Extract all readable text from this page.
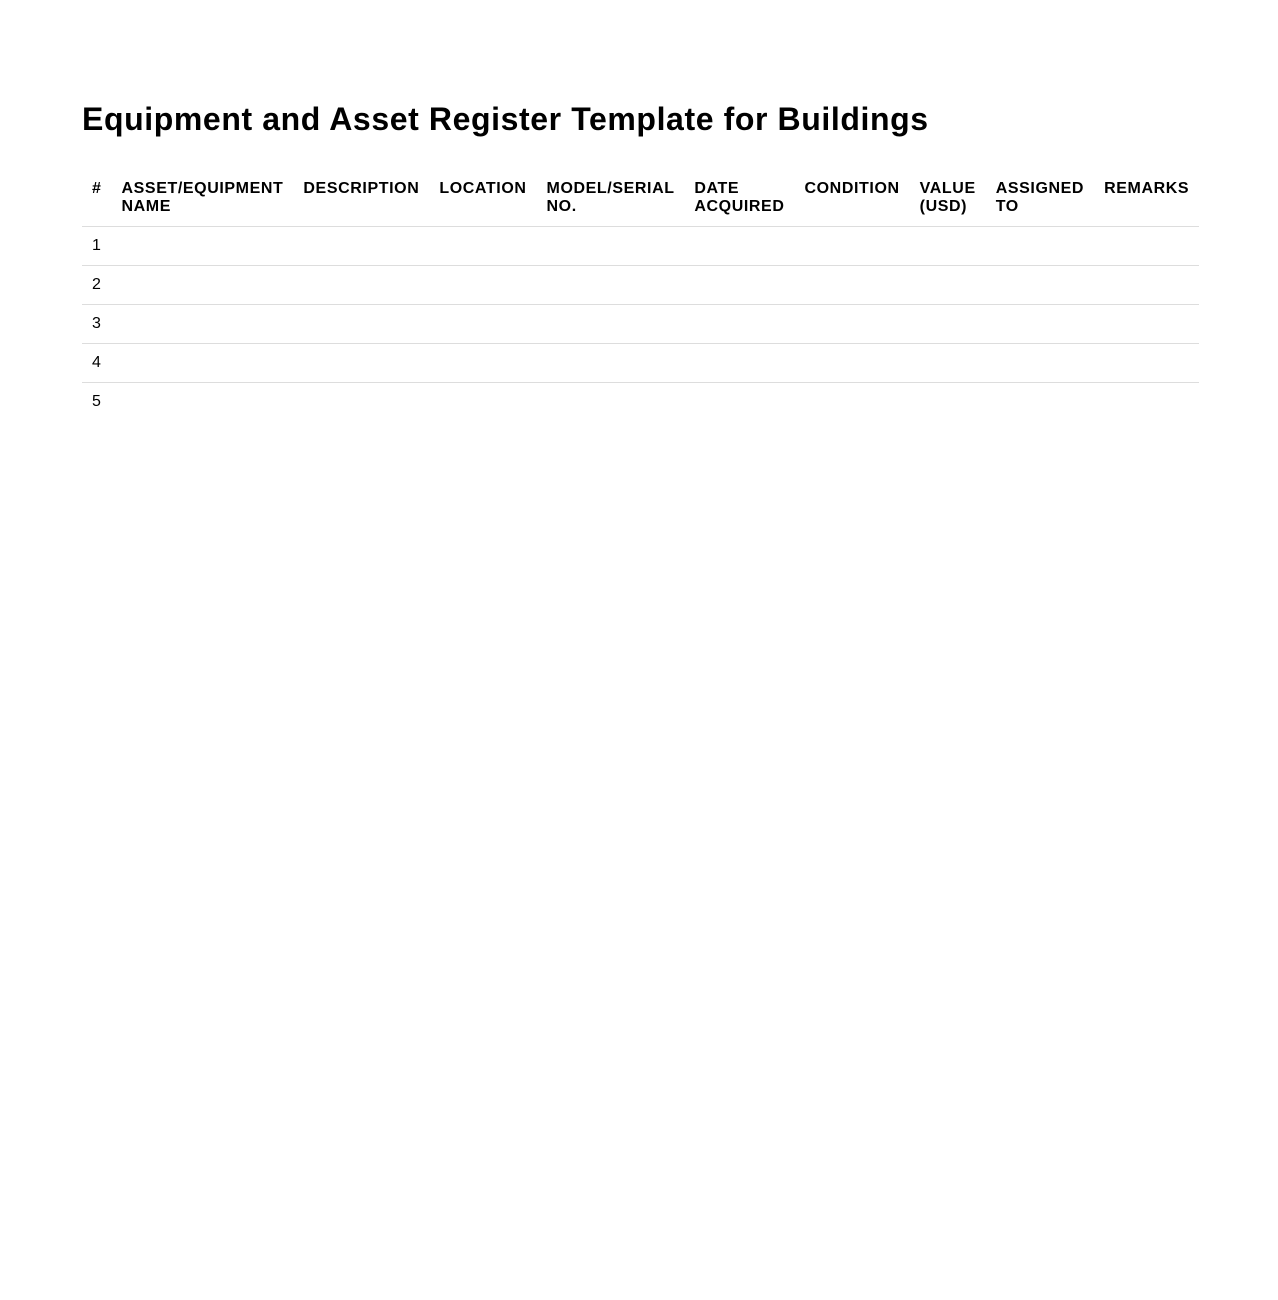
Equipment and Asset Register Template for Buildings
#	ASSET/EQUIPMENT NAME	DESCRIPTION	LOCATION	MODEL/SERIAL NO.	DATE ACQUIRED	CONDITION	VALUE (USD)	ASSIGNED TO	REMARKS
1									
2									
3									
4									
5									
